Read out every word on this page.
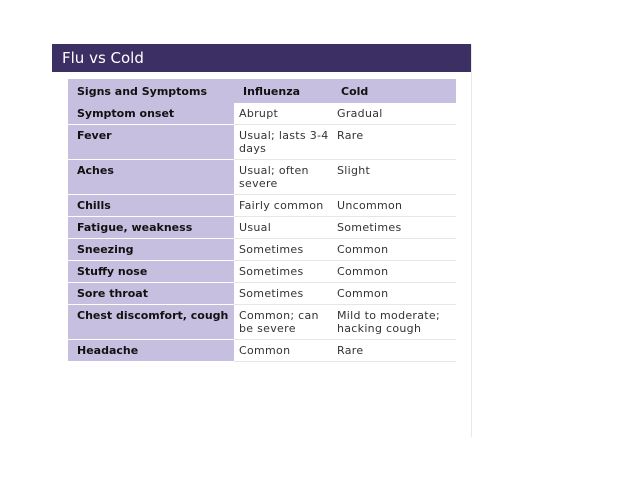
Flu vs Cold
Signs and Symptoms	Influenza	Cold
Symptom onset	Abrupt	Gradual
Fever	Usual; lasts 3-4 days	Rare
Aches	Usual; often severe	Slight
Chills	Fairly common	Uncommon
Fatigue, weakness	Usual	Sometimes
Sneezing	Sometimes	Common
Stuffy nose	Sometimes	Common
Sore throat	Sometimes	Common
Chest discomfort, cough	Common; can be severe	Mild to moderate; hacking cough
Headache	Common	Rare
